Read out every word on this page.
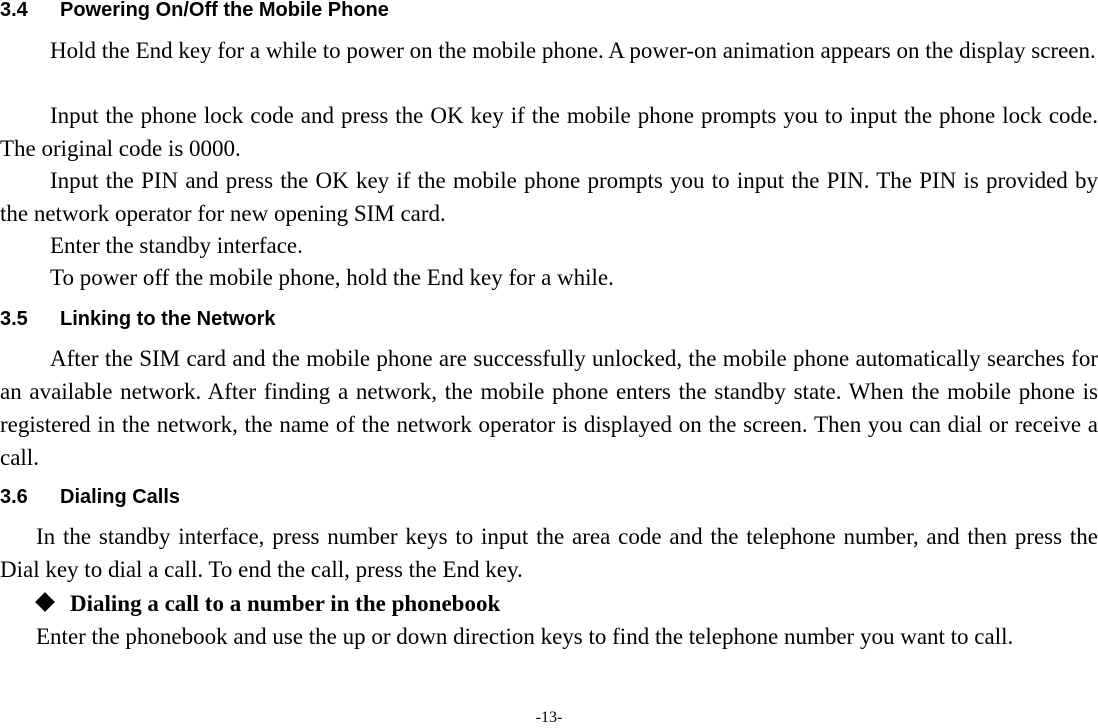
3.4 Powering On/Off the Mobile Phone

Hold the End key for a while to power on the mobile phone. A power-on animation appears on the display screen.

Input the phone lock code and press the OK key if the mobile phone prompts you to input the phone lock code. The original code is 0000.

Input the PIN and press the OK key if the mobile phone prompts you to input the PIN. The PIN is provided by the network operator for new opening SIM card.

Enter the standby interface.

To power off the mobile phone, hold the End key for a while.

3.5 Linking to the Network

After the SIM card and the mobile phone are successfully unlocked, the mobile phone automatically searches for an available network. After finding a network, the mobile phone enters the standby state. When the mobile phone is registered in the network, the name of the network operator is displayed on the screen. Then you can dial or receive a call.

3.6 Dialing Calls

In the standby interface, press number keys to input the area code and the telephone number, and then press the Dial key to dial a call. To end the call, press the End key.

Dialing a call to a number in the phonebook

Enter the phonebook and use the up or down direction keys to find the telephone number you want to call.

-13-
